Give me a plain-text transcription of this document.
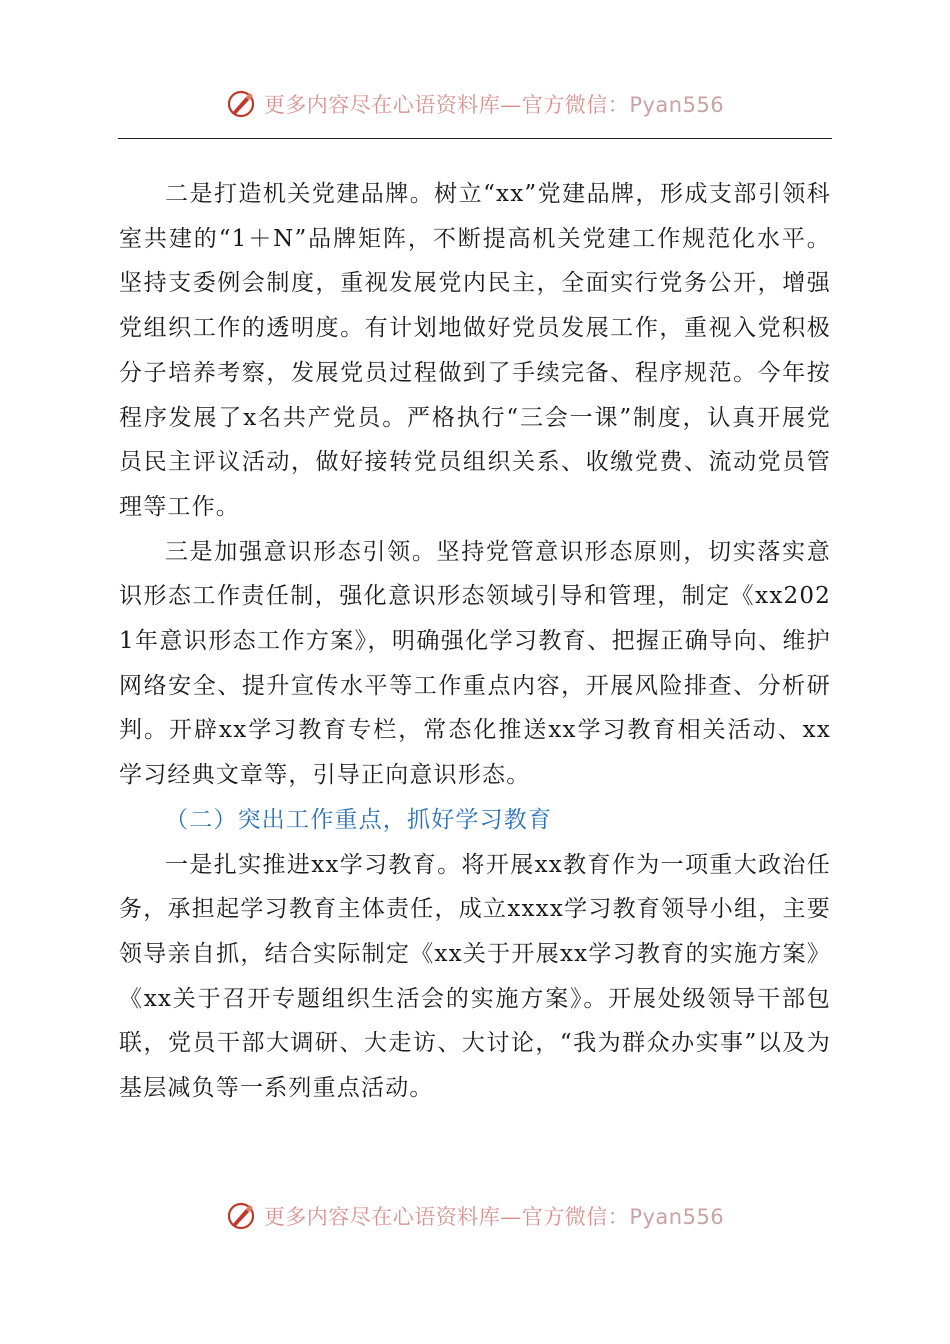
更多内容尽在心语资料库—官方微信：Pyan556

二是打造机关党建品牌。树立“xx”党建品牌，形成支部引领科室共建的“1＋N”品牌矩阵，不断提高机关党建工作规范化水平。坚持支委例会制度，重视发展党内民主，全面实行党务公开，增强党组织工作的透明度。有计划地做好党员发展工作，重视入党积极分子培养考察，发展党员过程做到了手续完备、程序规范。今年按程序发展了x名共产党员。严格执行“三会一课”制度，认真开展党员民主评议活动，做好接转党员组织关系、收缴党费、流动党员管理等工作。

三是加强意识形态引领。坚持党管意识形态原则，切实落实意识形态工作责任制，强化意识形态领域引导和管理，制定《xx2021年意识形态工作方案》，明确强化学习教育、把握正确导向、维护网络安全、提升宣传水平等工作重点内容，开展风险排查、分析研判。开辟xx学习教育专栏，常态化推送xx学习教育相关活动、xx学习经典文章等，引导正向意识形态。

（二）突出工作重点，抓好学习教育

一是扎实推进xx学习教育。将开展xx教育作为一项重大政治任务，承担起学习教育主体责任，成立xxxx学习教育领导小组，主要领导亲自抓，结合实际制定《xx关于开展xx学习教育的实施方案》《xx关于召开专题组织生活会的实施方案》。开展处级领导干部包联，党员干部大调研、大走访、大讨论，“我为群众办实事”以及为基层减负等一系列重点活动。

更多内容尽在心语资料库—官方微信：Pyan556
